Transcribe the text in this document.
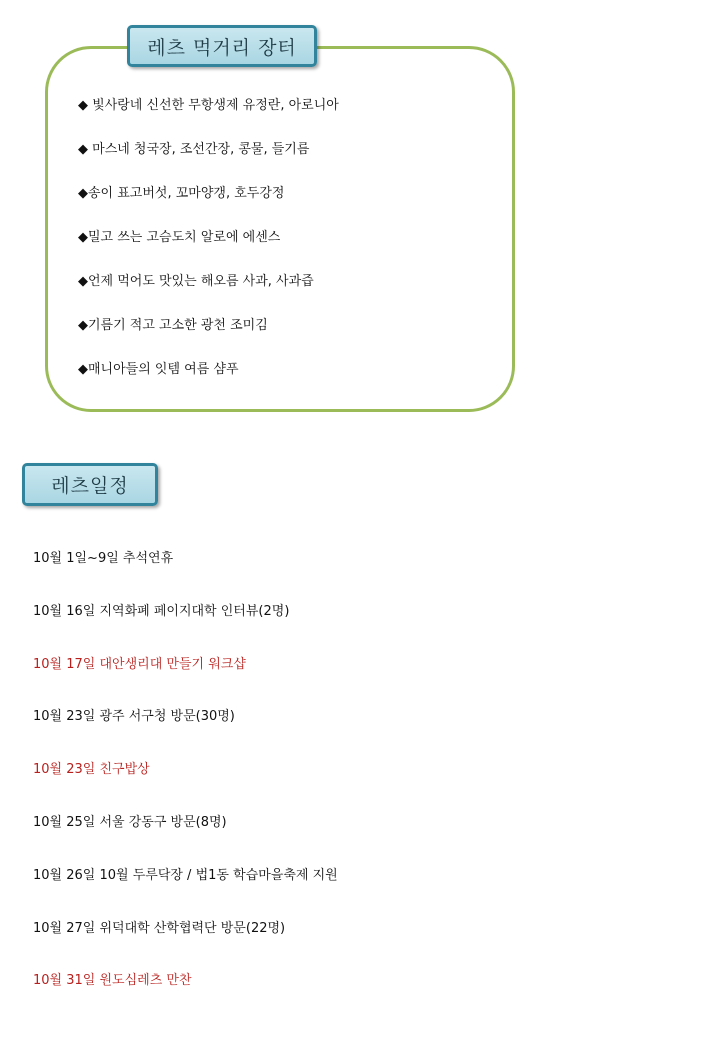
레츠 먹거리 장터
◆ 빛사랑네 신선한 무항생제 유정란, 아로니아
◆ 마스네 청국장, 조선간장, 콩물, 들기름
◆송이 표고버섯, 꼬마양갱, 호두강정
◆밀고 쓰는 고슴도치 알로에 에센스
◆언제 먹어도 맛있는 해오름 사과, 사과즙
◆기름기 적고 고소한 광천 조미김
◆매니아들의 잇템 여름 샴푸
레츠일정
10월 1일~9일 추석연휴
10월 16일 지역화폐 페이지대학 인터뷰(2명)
10월 17일 대안생리대 만들기 워크샵
10월 23일 광주 서구청 방문(30명)
10월 23일 친구밥상
10월 25일 서울 강동구 방문(8명)
10월 26일 10월 두루닥장 / 법1동 학습마을축제 지원
10월 27일 위덕대학 산학협력단 방문(22명)
10월 31일 원도심레츠 만찬
